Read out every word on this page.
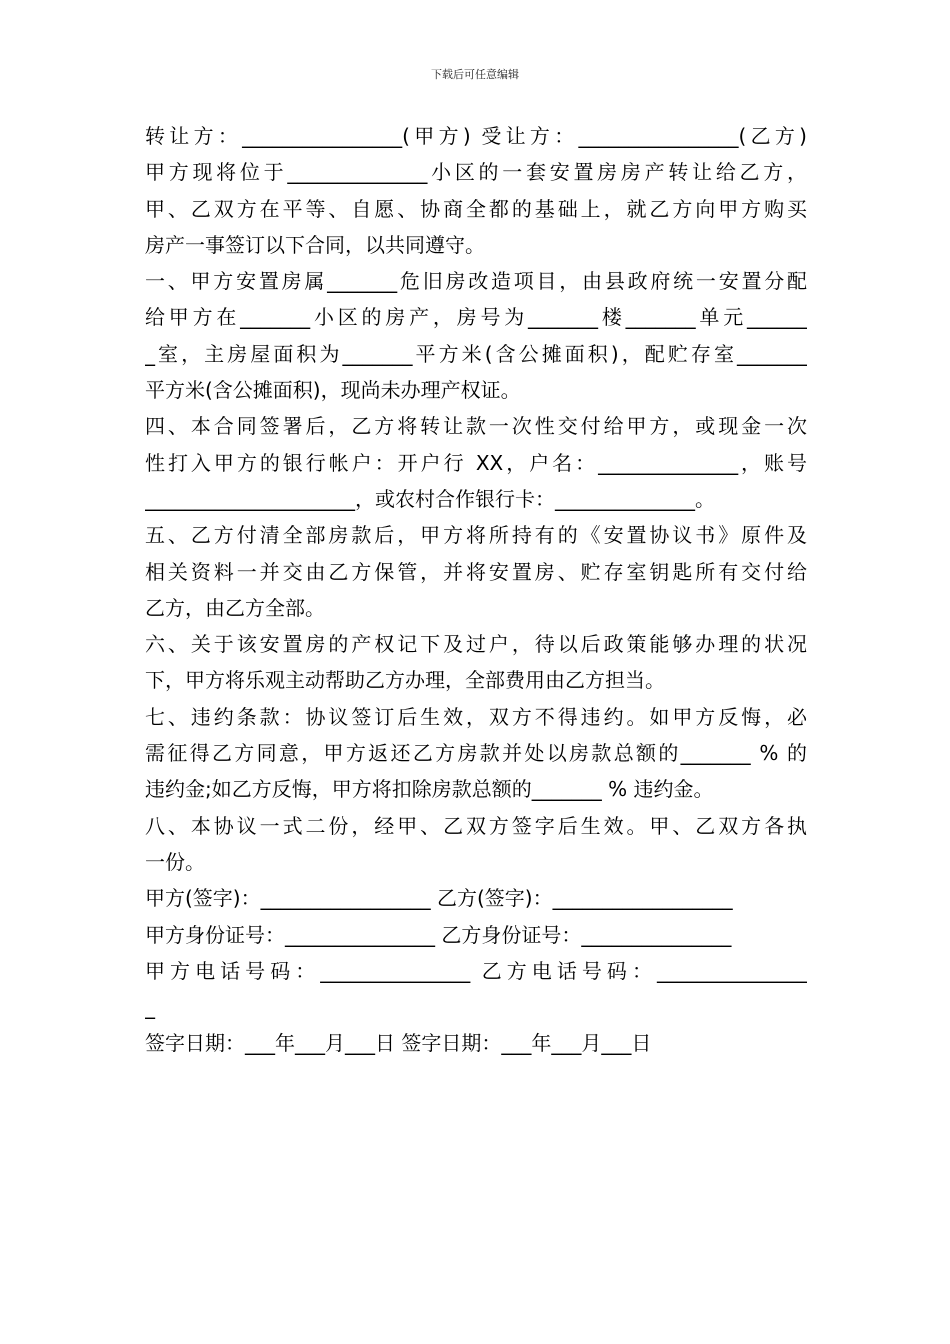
下载后可任意编辑
转让方：________________(甲方) 受让方：________________(乙方)
甲方现将位于______________小区的一套安置房房产转让给乙方，
甲、乙双方在平等、自愿、协商全都的基础上，就乙方向甲方购买
房产一事签订以下合同，以共同遵守。
一、甲方安置房属_______危旧房改造项目，由县政府统一安置分配
给甲方在_______小区的房产，房号为_______楼_______单元______
_室，主房屋面积为_______平方米(含公摊面积)，配贮存室_______
平方米(含公摊面积)，现尚未办理产权证。
四、本合同签署后，乙方将转让款一次性交付给甲方，或现金一次
性打入甲方的银行帐户：开户行 XX，户名：______________，账号
_____________________，或农村合作银行卡：______________。
五、乙方付清全部房款后，甲方将所持有的《安置协议书》原件及
相关资料一并交由乙方保管，并将安置房、贮存室钥匙所有交付给
乙方，由乙方全部。
六、关于该安置房的产权记下及过户，待以后政策能够办理的状况
下，甲方将乐观主动帮助乙方办理，全部费用由乙方担当。
七、违约条款：协议签订后生效，双方不得违约。如甲方反悔，必
需征得乙方同意，甲方返还乙方房款并处以房款总额的_______ % 的
违约金;如乙方反悔，甲方将扣除房款总额的_______ % 违约金。
八、本协议一式二份，经甲、乙双方签字后生效。甲、乙双方各执
一份。
甲方(签字)：_________________ 乙方(签字)：__________________
甲方身份证号：_______________ 乙方身份证号：_______________
甲方电话号码：_______________ 乙方电话号码：_______________
_
签字日期：___年___月___日 签字日期：___年___月___日
